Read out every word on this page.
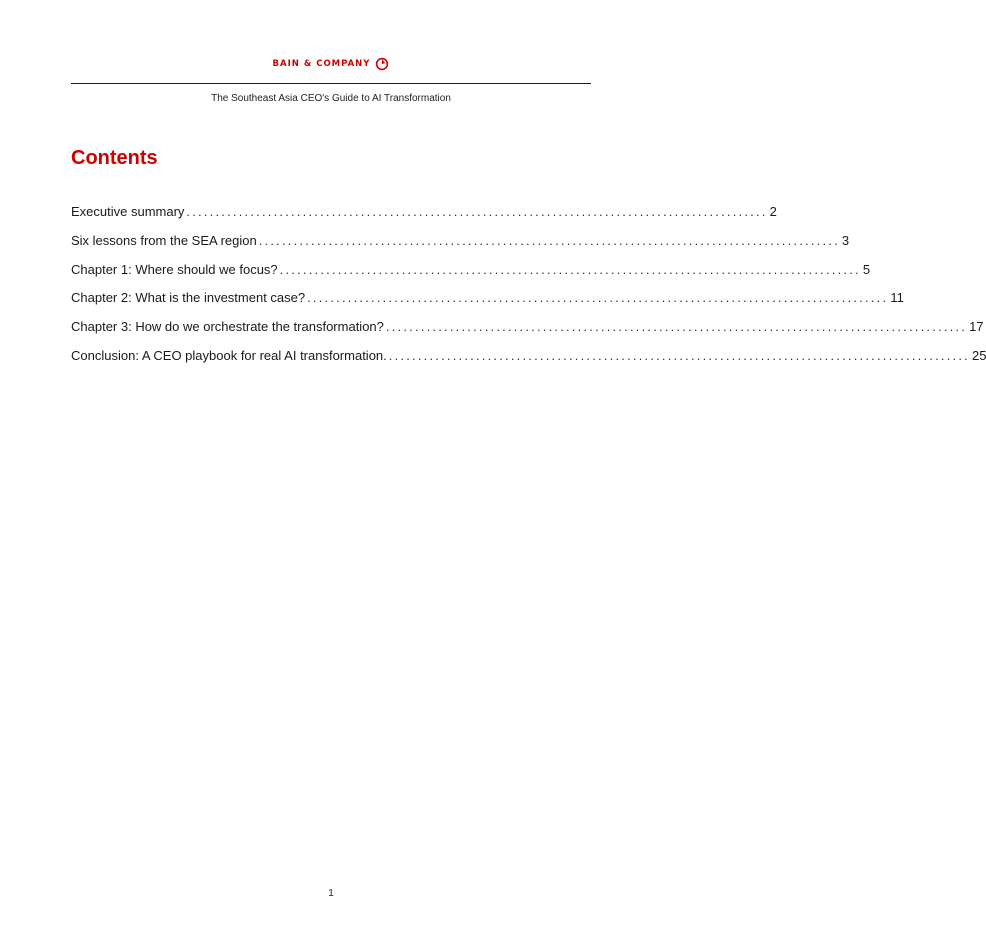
BAIN & COMPANY
The Southeast Asia CEO's Guide to AI Transformation
Contents
Executive summary .................................................................................................... 2
Six lessons from the SEA region .................................................................................................... 3
Chapter 1: Where should we focus? .................................................................................................... 5
Chapter 2: What is the investment case? .................................................................................................... 11
Chapter 3: How do we orchestrate the transformation? .................................................................................................... 17
Conclusion: A CEO playbook for real AI transformation. .................................................................................................... 25
1
